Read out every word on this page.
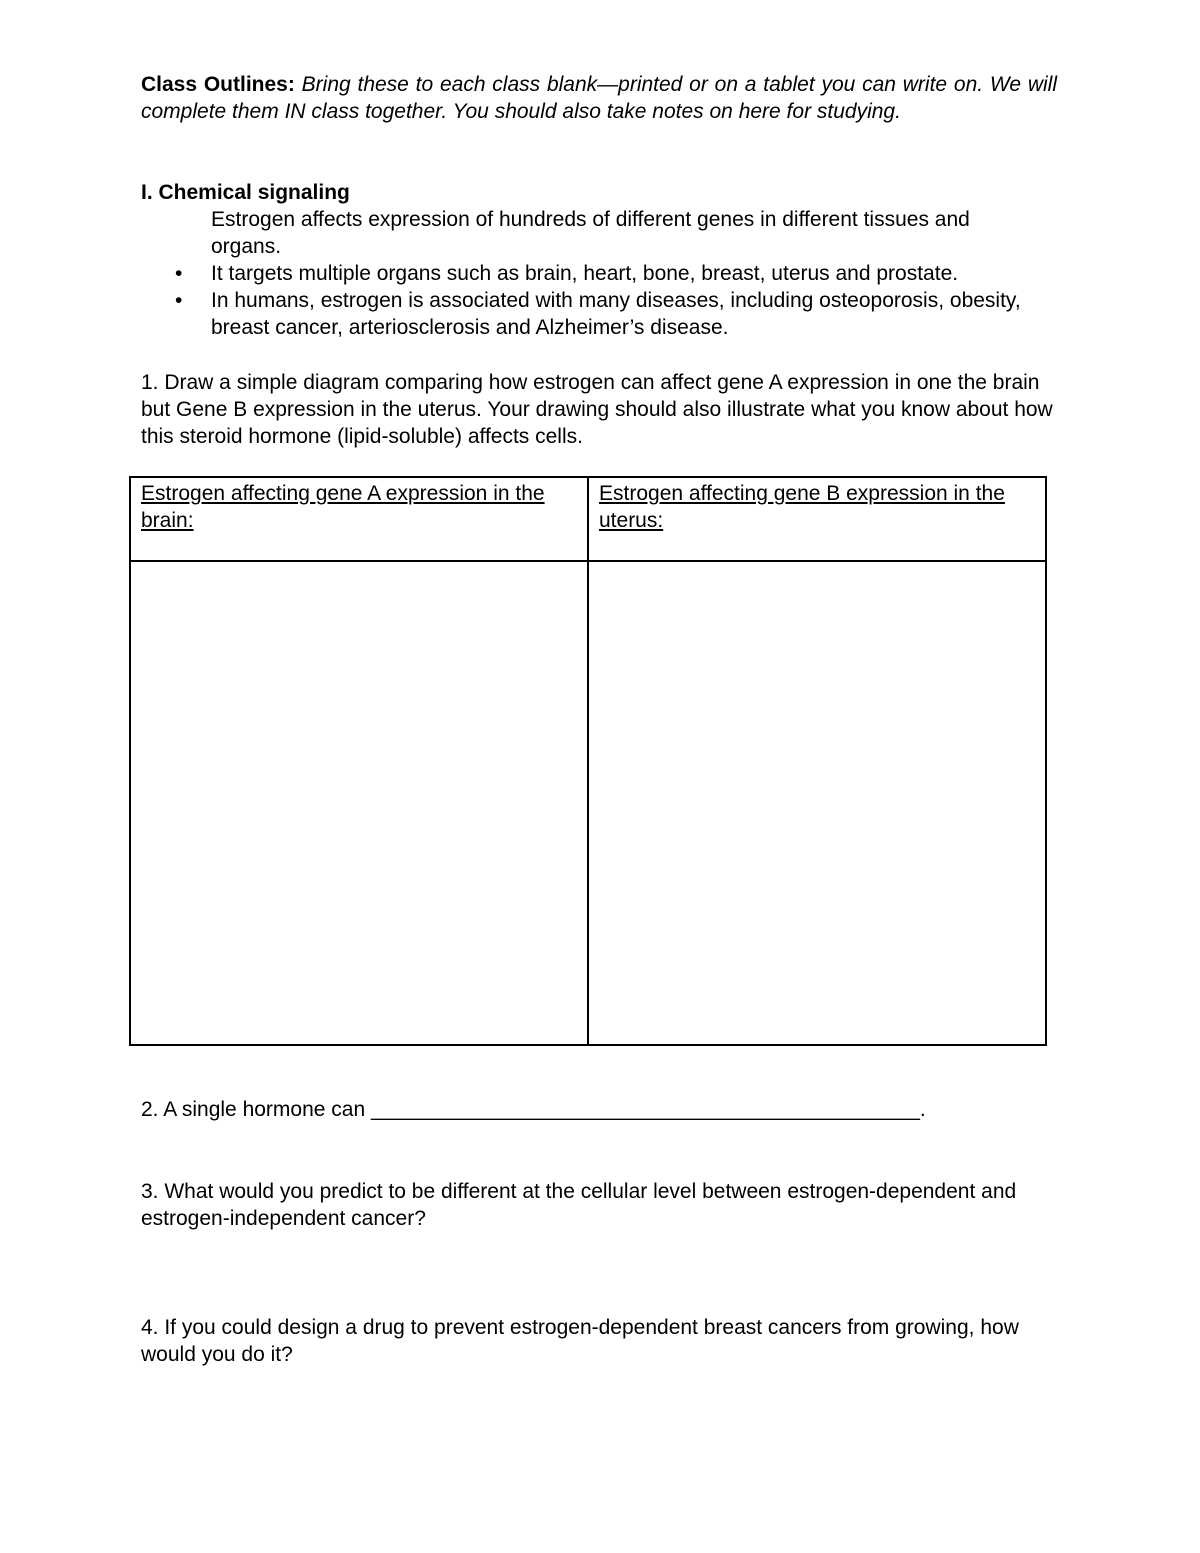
Class Outlines: Bring these to each class blank—printed or on a tablet you can write on. We will complete them IN class together. You should also take notes on here for studying.
I. Chemical signaling
Estrogen affects expression of hundreds of different genes in different tissues and organs.
• It targets multiple organs such as brain, heart, bone, breast, uterus and prostate.
• In humans, estrogen is associated with many diseases, including osteoporosis, obesity, breast cancer, arteriosclerosis and Alzheimer’s disease.
1. Draw a simple diagram comparing how estrogen can affect gene A expression in one the brain but Gene B expression in the uterus. Your drawing should also illustrate what you know about how this steroid hormone (lipid-soluble) affects cells.
Estrogen affecting gene A expression in the brain:	Estrogen affecting gene B expression in the uterus:

2. A single hormone can _______________________________________________.
3. What would you predict to be different at the cellular level between estrogen-dependent and estrogen-independent cancer?
4. If you could design a drug to prevent estrogen-dependent breast cancers from growing, how would you do it?
